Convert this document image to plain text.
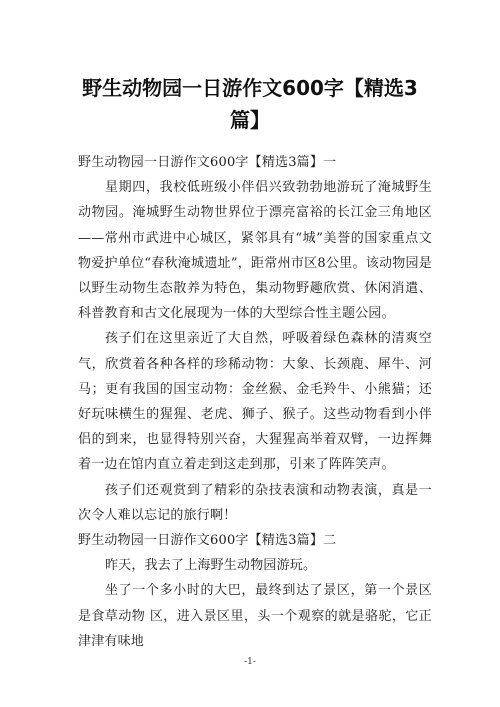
野生动物园一日游作文600字【精选3
篇】

野生动物园一日游作文600字【精选3篇】一

星期四，我校低班级小伴侣兴致勃勃地游玩了淹城野生动物园。淹城野生动物世界位于漂亮富裕的长江金三角地区——常州市武进中心城区，紧邻具有“城”美誉的国家重点文物爱护单位“春秋淹城遗址”，距常州市区8公里。该动物园是以野生动物生态散养为特色，集动物野趣欣赏、休闲消遣、科普教育和古文化展现为一体的大型综合性主题公园。

孩子们在这里亲近了大自然，呼吸着绿色森林的清爽空气，欣赏着各种各样的珍稀动物：大象、长颈鹿、犀牛、河马；更有我国的国宝动物：金丝猴、金毛羚牛、小熊猫；还好玩味横生的猩猩、老虎、狮子、猴子。这些动物看到小伴侣的到来，也显得特别兴奋，大猩猩高举着双臂，一边挥舞着一边在馆内直立着走到这走到那，引来了阵阵笑声。

孩子们还观赏到了精彩的杂技表演和动物表演，真是一次令人难以忘记的旅行啊！

野生动物园一日游作文600字【精选3篇】二

昨天，我去了上海野生动物园游玩。

坐了一个多小时的大巴，最终到达了景区，第一个景区是食草动物 区，进入景区里，头一个观察的就是骆驼，它正津津有味地

-1-
